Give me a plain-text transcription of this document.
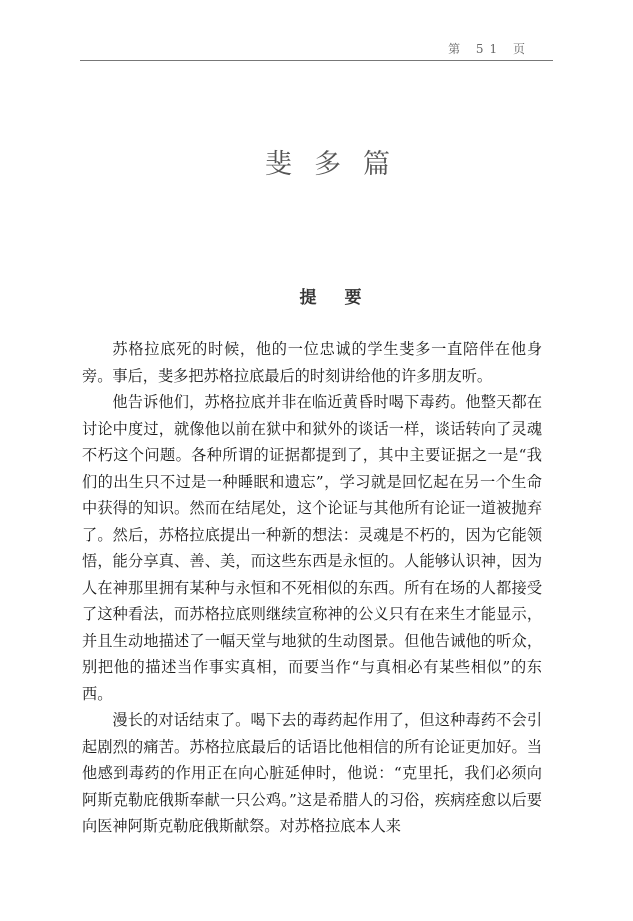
第 51 页
斐多篇
提要

苏格拉底死的时候，他的一位忠诚的学生斐多一直陪伴在他身旁。事后，斐多把苏格拉底最后的时刻讲给他的许多朋友听。

他告诉他们，苏格拉底并非在临近黄昏时喝下毒药。他整天都在讨论中度过，就像他以前在狱中和狱外的谈话一样，谈话转向了灵魂不朽这个问题。各种所谓的证据都提到了，其中主要证据之一是“我们的出生只不过是一种睡眠和遗忘”，学习就是回忆起在另一个生命中获得的知识。然而在结尾处，这个论证与其他所有论证一道被抛弃了。然后，苏格拉底提出一种新的想法：灵魂是不朽的，因为它能领悟，能分享真、善、美，而这些东西是永恒的。人能够认识神，因为人在神那里拥有某种与永恒和不死相似的东西。所有在场的人都接受了这种看法，而苏格拉底则继续宣称神的公义只有在来生才能显示，并且生动地描述了一幅天堂与地狱的生动图景。但他告诫他的听众，别把他的描述当作事实真相，而要当作“与真相必有某些相似”的东西。

漫长的对话结束了。喝下去的毒药起作用了，但这种毒药不会引起剧烈的痛苦。苏格拉底最后的话语比他相信的所有论证更加好。当他感到毒药的作用正在向心脏延伸时，他说：“克里托，我们必须向阿斯克勒庇俄斯奉献一只公鸡。”这是希腊人的习俗，疾病痊愈以后要向医神阿斯克勒庇俄斯献祭。对苏格拉底本人来
